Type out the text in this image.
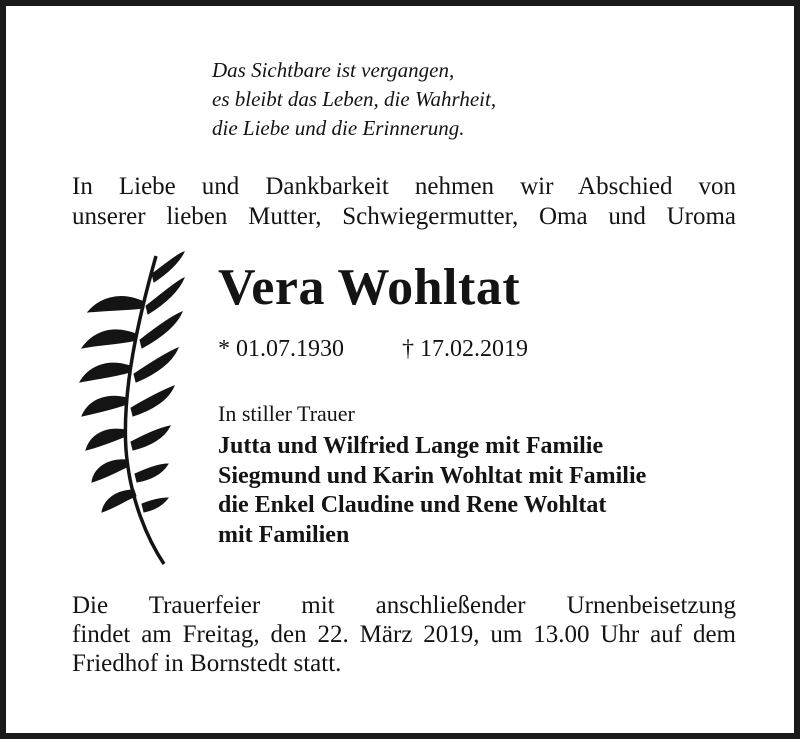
Das Sichtbare ist vergangen,
es bleibt das Leben, die Wahrheit,
die Liebe und die Erinnerung.
In Liebe und Dankbarkeit nehmen wir Abschied von
unserer lieben Mutter, Schwiegermutter, Oma und Uroma
Vera Wohltat
* 01.07.1930 † 17.02.2019
In stiller Trauer
Jutta und Wilfried Lange mit Familie
Siegmund und Karin Wohltat mit Familie
die Enkel Claudine und Rene Wohltat
mit Familien
Die Trauerfeier mit anschließender Urnenbeisetzung
findet am Freitag, den 22. März 2019, um 13.00 Uhr auf dem
Friedhof in Bornstedt statt.
